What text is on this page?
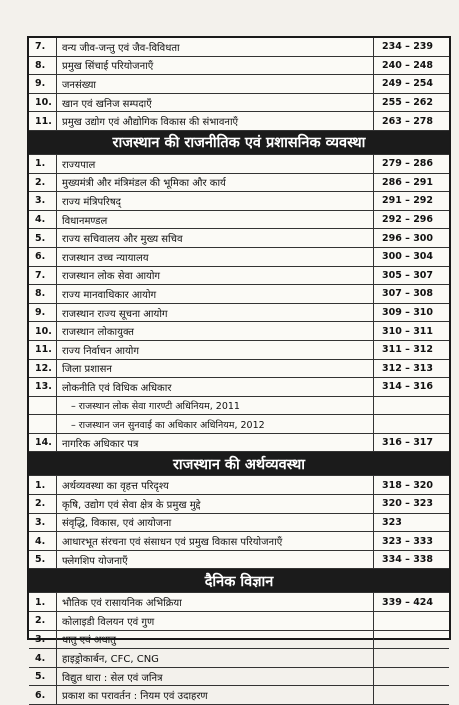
7.	वन्य जीव-जन्तु एवं जैव-विविधता	234 – 239
8.	प्रमुख सिंचाई परियोजनाएँ	240 – 248
9.	जनसंख्या	249 – 254
10.	खान एवं खनिज सम्पदाएँ	255 – 262
11.	प्रमुख उद्योग एवं औद्योगिक विकास की संभावनाएँ	263 – 278
राजस्थान की राजनीतिक एवं प्रशासनिक व्यवस्था
1.	राज्यपाल	279 – 286
2.	मुख्यमंत्री और मंत्रिमंडल की भूमिका और कार्य	286 – 291
3.	राज्य मंत्रिपरिषद्	291 – 292
4.	विधानमण्डल	292 – 296
5.	राज्य सचिवालय और मुख्य सचिव	296 – 300
6.	राजस्थान उच्च न्यायालय	300 – 304
7.	राजस्थान लोक सेवा आयोग	305 – 307
8.	राज्य मानवाधिकार आयोग	307 – 308
9.	राजस्थान राज्य सूचना आयोग	309 – 310
10.	राजस्थान लोकायुक्त	310 – 311
11.	राज्य निर्वाचन आयोग	311 – 312
12.	जिला प्रशासन	312 – 313
13.	लोकनीति एवं विधिक अधिकार	314 – 316
– राजस्थान लोक सेवा गारण्टी अधिनियम, 2011
– राजस्थान जन सुनवाई का अधिकार अधिनियम, 2012
14.	नागरिक अधिकार पत्र	316 – 317
राजस्थान की अर्थव्यवस्था
1.	अर्थव्यवस्था का वृहत्त परिदृश्य	318 – 320
2.	कृषि, उद्योग एवं सेवा क्षेत्र के प्रमुख मुद्दे	320 – 323
3.	संवृद्धि, विकास, एवं आयोजना	323
4.	आधारभूत संरचना एवं संसाधन एवं प्रमुख विकास परियोजनाएँ	323 – 333
5.	फ्लेगशिप योजनाएँ	334 – 338
दैनिक विज्ञान
1.	भौतिक एवं रासायनिक अभिक्रिया	339 – 424
2.	कोलाइडी विलयन एवं गुण
3.	धातु एवं अधातु
4.	हाइड्रोकार्बन, CFC, CNG
5.	विद्युत धारा : सेल एवं जनित्र
6.	प्रकाश का परावर्तन : नियम एवं उदाहरण
